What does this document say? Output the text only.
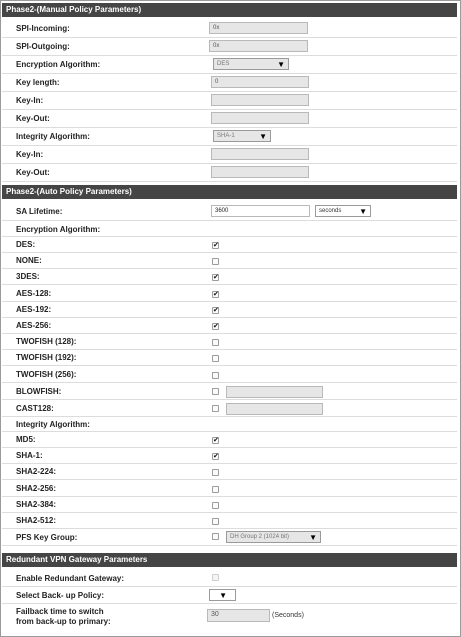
Phase2-(Manual Policy Parameters)
SPI-Incoming:	0x
SPI-Outgoing:	0x
Encryption Algorithm:	DES	▼
Key length:	0
Key-In:
Key-Out:
Integrity Algorithm:	SHA-1	▼
Key-In:
Key-Out:
Phase2-(Auto Policy Parameters)
SA Lifetime:	3600	seconds ▼
Encryption Algorithm:
DES:	✔
NONE:
3DES:	✔
AES-128:	✔
AES-192:	✔
AES-256:	✔
TWOFISH (128):
TWOFISH (192):
TWOFISH (256):
BLOWFISH:
CAST128:
Integrity Algorithm:
MD5:	✔
SHA-1:	✔
SHA2-224:
SHA2-256:
SHA2-384:
SHA2-512:
PFS Key Group:	DH Group 2 (1024 bit)	▼
Redundant VPN Gateway Parameters
Enable Redundant Gateway:
Select Back- up Policy:	▼
Failback time to switch
from back-up to primary:
30	(Seconds)
